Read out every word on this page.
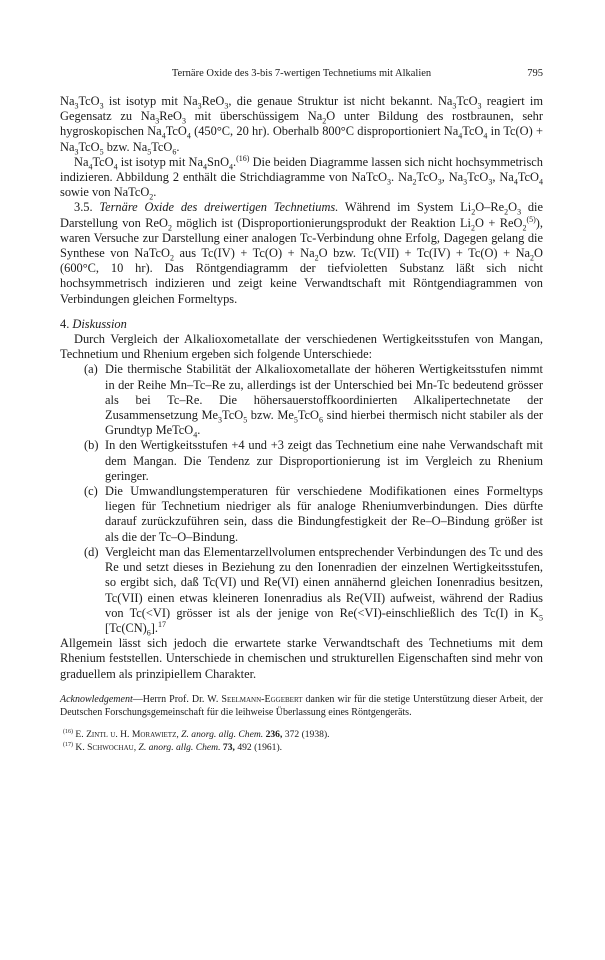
Ternäre Oxide des 3-bis 7-wertigen Technetiums mit Alkalien	795

$Na_3TcO_3$ ist isotyp mit $Na_3ReO_3$, die genaue Struktur ist nicht bekannt. $Na_3TcO_3$ reagiert im Gegensatz zu $Na_3ReO_3$ mit überschüssigem $Na_2O$ unter Bildung des rostbraunen, sehr hygroskopischen $Na_4TcO_4$ (450°C, 20 hr). Oberhalb 800°C disproportioniert $Na_4TcO_4$ in $Tc(O) + Na_3TcO_5$ bzw. $Na_5TcO_6$.

$Na_4TcO_4$ ist isotyp mit $Na_4SnO_4.^{(16)}$ Die beiden Diagramme lassen sich nicht hochsymmetrisch indizieren. Abbildung 2 enthält die Strichdiagramme von NaTcO$_3$. $Na_2TcO_3$, $Na_3TcO_3$, $Na_4TcO_4$ sowie von NaTcO$_2$.

3.5. Ternäre Oxide des dreiwertigen Technetiums. Während im System $Li_2O-Re_2O_3$ die Darstellung von ReO$_2$ möglich ist (Disproportionierungsprodukt der Reaktion $Li_2O + ReO_2^{(5)}$), waren Versuche zur Darstellung einer analogen Tc-Verbindung ohne Erfolg, Dagegen gelang die Synthese von NaTcO$_2$ aus $Tc(IV) + Tc(O) + Na_2O$ bzw. $Tc(VII) + Tc(IV) + Tc(O) + Na_2O$ (600°C, 10 hr). Das Röntgendiagramm der tiefvioletten Substanz läßt sich nicht hochsymmetrisch indizieren und zeigt keine Verwandtschaft mit Röntgendiagrammen von Verbindungen gleichen Formeltyps.

4. Diskussion

Durch Vergleich der Alkalioxometallate der verschiedenen Wertigkeitsstufen von Mangan, Technetium und Rhenium ergeben sich folgende Unterschiede:

(a) Die thermische Stabilität der Alkalioxometallate der höheren Wertigkeitsstufen nimmt in der Reihe Mn–Tc–Re zu, allerdings ist der Unterschied bei Mn-Tc bedeutend grösser als bei Tc–Re. Die höhersauerstoffkoordinierten Alkalipertechnetate der Zusammensetzung $Me_3TcO_5$ bzw. $Me_5TcO_6$ sind hierbei thermisch nicht stabiler als der Grundtyp MeTcO$_4$.
(b) In den Wertigkeitsstufen +4 und +3 zeigt das Technetium eine nahe Verwandschaft mit dem Mangan. Die Tendenz zur Disproportionierung ist im Vergleich zu Rhenium geringer.
(c) Die Umwandlungstemperaturen für verschiedene Modifikationen eines Formeltyps liegen für Technetium niedriger als für analoge Rheniumverbindungen. Dies dürfte darauf zurückzuführen sein, dass die Bindungfestigkeit der Re–O–Bindung größer ist als die der Tc–O–Bindung.
(d) Vergleicht man das Elementarzellvolumen entsprechender Verbindungen des Tc und des Re und setzt dieses in Beziehung zu den Ionenradien der einzelnen Wertigkeitsstufen, so ergibt sich, daß Tc(VI) und Re(VI) einen annähernd gleichen Ionenradius besitzen, Tc(VII) einen etwas kleineren Ionenradius als Re(VII) aufweist, während der Radius von Tc(<VI) grösser ist als der jenige von Re(<VI)-einschließlich des Tc(I) in $K_5$ $[Tc(CN)_6].^{17}$

Allgemein lässt sich jedoch die erwartete starke Verwandtschaft des Technetiums mit dem Rhenium feststellen. Unterschiede in chemischen und strukturellen Eigenschaften sind mehr von graduellem als prinzipiellem Charakter.

Acknowledgement—Herrn Prof. Dr. W. Seelmann-Eggebert danken wir für die stetige Unterstützung dieser Arbeit, der Deutschen Forschungsgemeinschaft für die leihweise Überlassung eines Röntgengeräts.

$^{(16)}$ E. Zintl u. H. Morawietz, Z. anorg. allg. Chem. 236, 372 (1938).
$^{(17)}$ K. Schwochau, Z. anorg. allg. Chem. 73, 492 (1961).
